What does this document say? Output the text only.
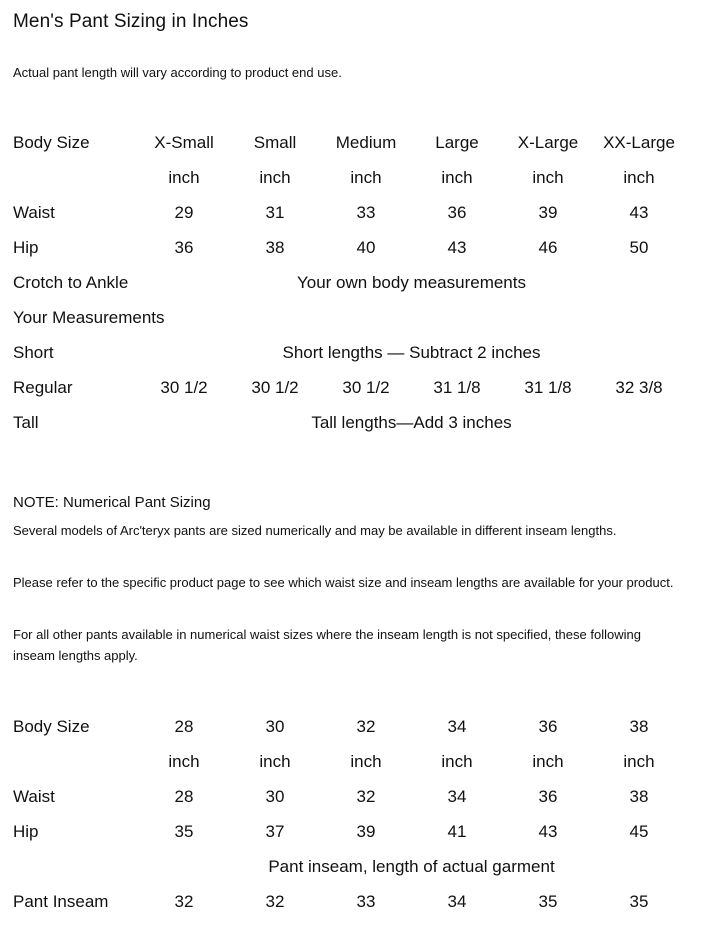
Men's Pant Sizing in Inches
Actual pant length will vary according to product end use.
Body Size	X-Small	Small	Medium	Large	X-Large	XX-Large
inch	inch	inch	inch	inch	inch
Waist	29	31	33	36	39	43
Hip	36	38	40	43	46	50
Crotch to Ankle	Your own body measurements
Your Measurements
Short	Short lengths — Subtract 2 inches
Regular	30 1/2	30 1/2	30 1/2	31 1/8	31 1/8	32 3/8
Tall	Tall lengths—Add 3 inches
NOTE: Numerical Pant Sizing
Several models of Arc'teryx pants are sized numerically and may be available in different inseam lengths.
Please refer to the specific product page to see which waist size and inseam lengths are available for your product.
For all other pants available in numerical waist sizes where the inseam length is not specified, these following inseam lengths apply.
Body Size	28	30	32	34	36	38
inch	inch	inch	inch	inch	inch
Waist	28	30	32	34	36	38
Hip	35	37	39	41	43	45
Pant inseam, length of actual garment
Pant Inseam	32	32	33	34	35	35
